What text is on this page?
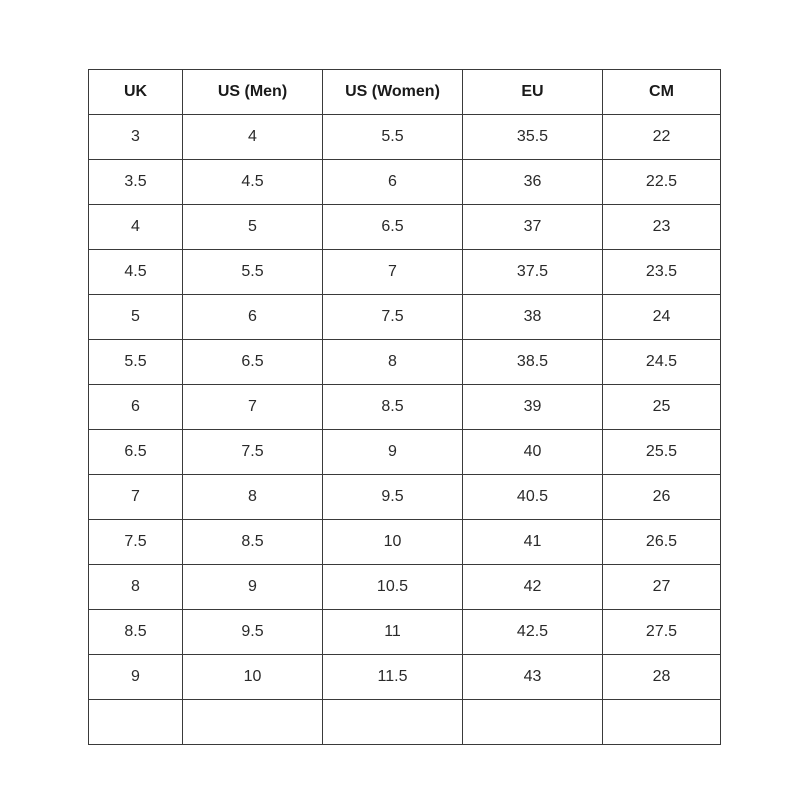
UK	US (Men)	US (Women)	EU	CM
3	4	5.5	35.5	22
3.5	4.5	6	36	22.5
4	5	6.5	37	23
4.5	5.5	7	37.5	23.5
5	6	7.5	38	24
5.5	6.5	8	38.5	24.5
6	7	8.5	39	25
6.5	7.5	9	40	25.5
7	8	9.5	40.5	26
7.5	8.5	10	41	26.5
8	9	10.5	42	27
8.5	9.5	11	42.5	27.5
9	10	11.5	43	28
